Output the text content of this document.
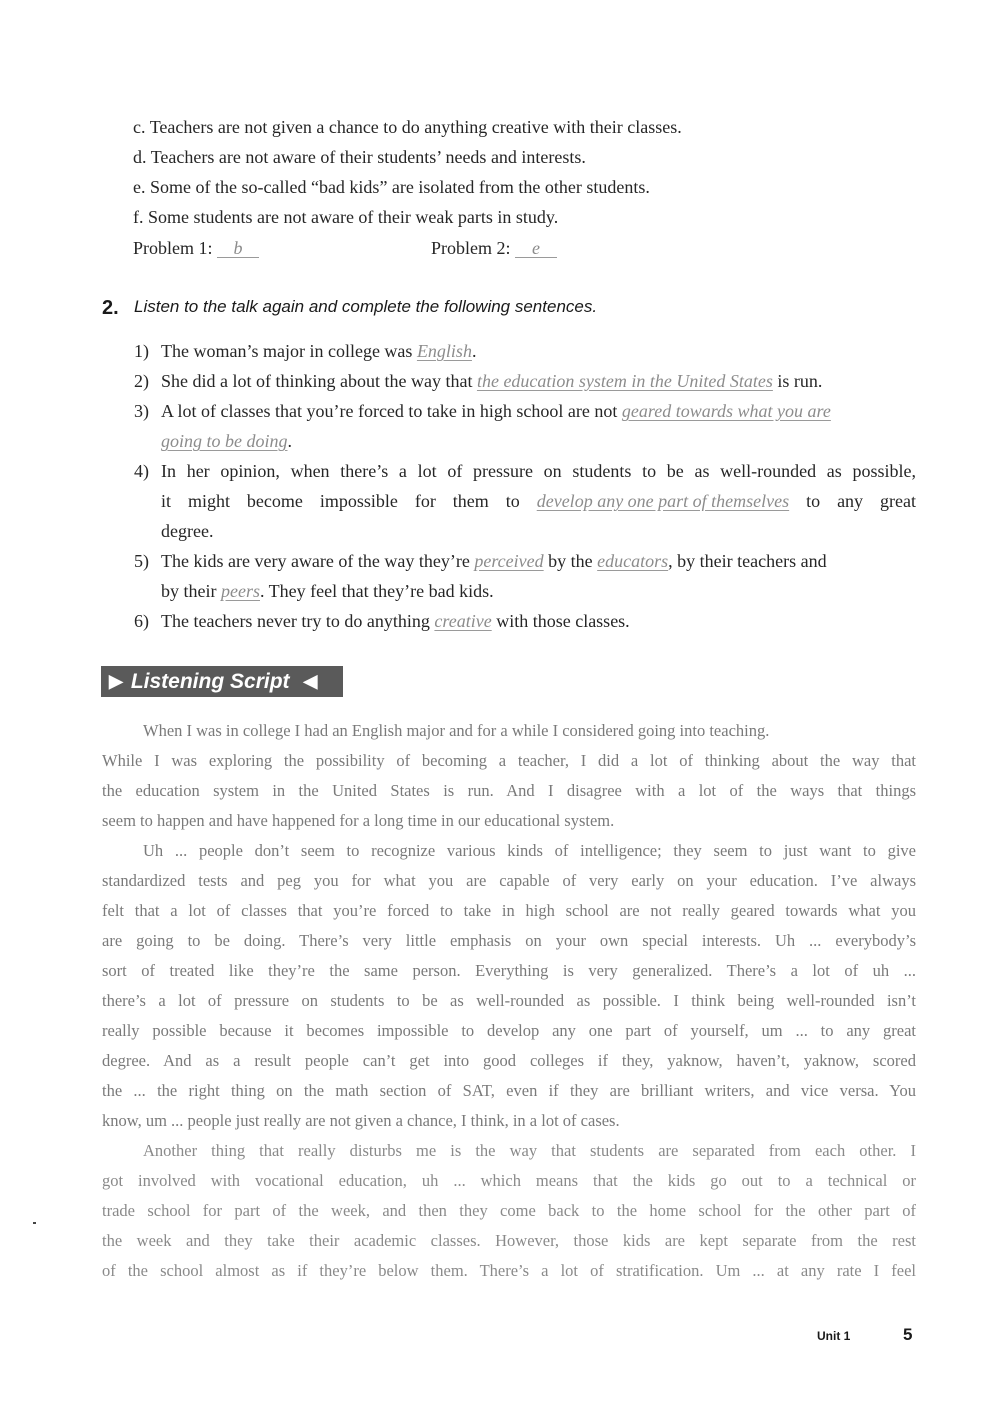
c. Teachers are not given a chance to do anything creative with their classes.
d. Teachers are not aware of their students’ needs and interests.
e. Some of the so-called “bad kids” are isolated from the other students.
f. Some students are not aware of their weak parts in study.
Problem 1: b	Problem 2: e
2. Listen to the talk again and complete the following sentences.
1) The woman’s major in college was English.
2) She did a lot of thinking about the way that the education system in the United States is run.
3) A lot of classes that you’re forced to take in high school are not geared towards what you are
going to be doing.
4) In her opinion, when there’s a lot of pressure on students to be as well-rounded as possible,
it might become impossible for them to develop any one part of themselves to any great
degree.
5) The kids are very aware of the way they’re perceived by the educators, by their teachers and
by their peers. They feel that they’re bad kids.
6) The teachers never try to do anything creative with those classes.
▶ Listening Script ◀
When I was in college I had an English major and for a while I considered going into teaching.
While I was exploring the possibility of becoming a teacher, I did a lot of thinking about the way that
the education system in the United States is run. And I disagree with a lot of the ways that things
seem to happen and have happened for a long time in our educational system.
Uh ... people don’t seem to recognize various kinds of intelligence; they seem to just want to give
standardized tests and peg you for what you are capable of very early on your education. I’ve always
felt that a lot of classes that you’re forced to take in high school are not really geared towards what you
are going to be doing. There’s very little emphasis on your own special interests. Uh ... everybody’s
sort of treated like they’re the same person. Everything is very generalized. There’s a lot of uh ...
there’s a lot of pressure on students to be as well-rounded as possible. I think being well-rounded isn’t
really possible because it becomes impossible to develop any one part of yourself, um ... to any great
degree. And as a result people can’t get into good colleges if they, yaknow, haven’t, yaknow, scored
the ... the right thing on the math section of SAT, even if they are brilliant writers, and vice versa. You
know, um ... people just really are not given a chance, I think, in a lot of cases.
Another thing that really disturbs me is the way that students are separated from each other. I
got involved with vocational education, uh ... which means that the kids go out to a technical or
trade school for part of the week, and then they come back to the home school for the other part of
the week and they take their academic classes. However, those kids are kept separate from the rest
of the school almost as if they’re below them. There’s a lot of stratification. Um ... at any rate I feel
Unit 1	5
